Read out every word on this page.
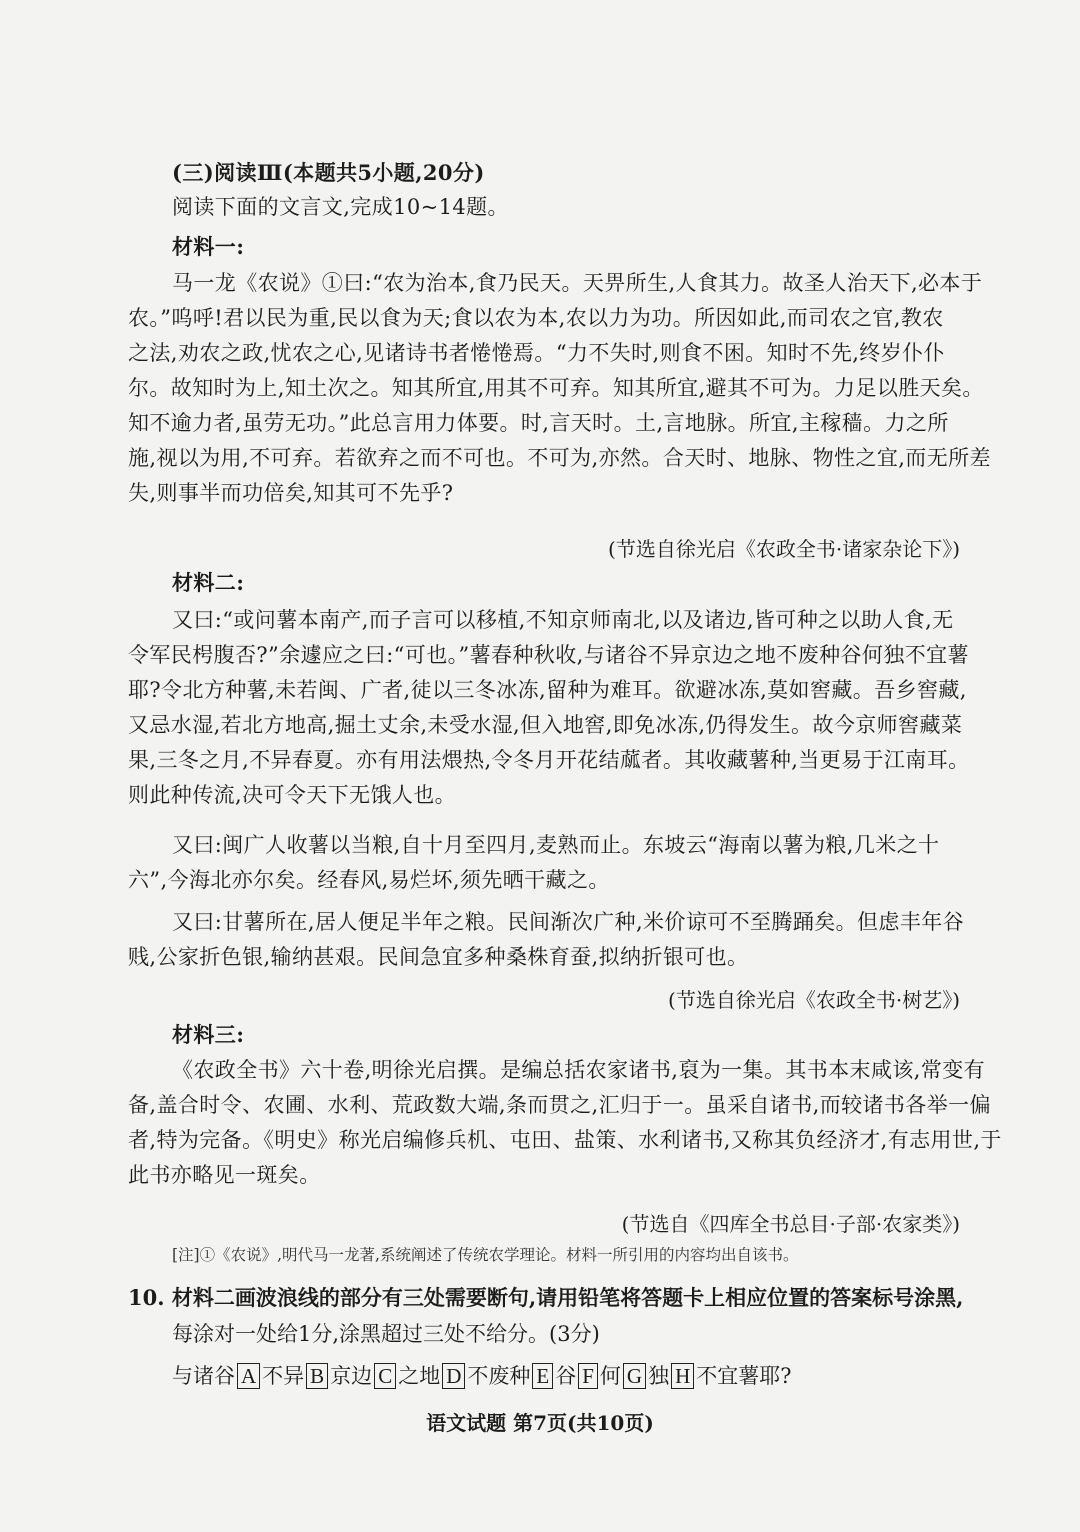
(三)阅读Ⅲ(本题共5小题,20分)
阅读下面的文言文,完成10~14题。
材料一:
马一龙《农说》①曰:“农为治本,食乃民天。天畀所生,人食其力。故圣人治天下,必本于
农。”呜呼!君以民为重,民以食为天;食以农为本,农以力为功。所因如此,而司农之官,教农
之法,劝农之政,忧农之心,见诸诗书者惓惓焉。“力不失时,则食不困。知时不先,终岁仆仆
尔。故知时为上,知土次之。知其所宜,用其不可弃。知其所宜,避其不可为。力足以胜天矣。
知不逾力者,虽劳无功。”此总言用力体要。时,言天时。土,言地脉。所宜,主稼穑。力之所
施,视以为用,不可弃。若欲弃之而不可也。不可为,亦然。合天时、地脉、物性之宜,而无所差
失,则事半而功倍矣,知其可不先乎?
(节选自徐光启《农政全书·诸家杂论下》)
材料二:
又曰:“或问薯本南产,而子言可以移植,不知京师南北,以及诸边,皆可种之以助人食,无
令军民枵腹否?”余遽应之曰:“可也。”薯春种秋收,与诸谷不异京边之地不废种谷何独不宜薯
耶?令北方种薯,未若闽、广者,徒以三冬冰冻,留种为难耳。欲避冰冻,莫如窖藏。吾乡窖藏,
又忌水湿,若北方地高,掘土丈余,未受水湿,但入地窖,即免冰冻,仍得发生。故今京师窖藏菜
果,三冬之月,不异春夏。亦有用法煨热,令冬月开花结蓏者。其收藏薯种,当更易于江南耳。
则此种传流,决可令天下无饿人也。
又曰:闽广人收薯以当粮,自十月至四月,麦熟而止。东坡云“海南以薯为粮,几米之十
六”,今海北亦尔矣。经春风,易烂坏,须先晒干藏之。
又曰:甘薯所在,居人便足半年之粮。民间渐次广种,米价谅可不至腾踊矣。但虑丰年谷
贱,公家折色银,输纳甚艰。民间急宜多种桑株育蚕,拟纳折银可也。
(节选自徐光启《农政全书·树艺》)
材料三:
《农政全书》六十卷,明徐光启撰。是编总括农家诸书,裒为一集。其书本末咸该,常变有
备,盖合时令、农圃、水利、荒政数大端,条而贯之,汇归于一。虽采自诸书,而较诸书各举一偏
者,特为完备。《明史》称光启编修兵机、屯田、盐策、水利诸书,又称其负经济才,有志用世,于
此书亦略见一斑矣。
(节选自《四库全书总目·子部·农家类》)
[注]①《农说》,明代马一龙著,系统阐述了传统农学理论。材料一所引用的内容均出自该书。
10. 材料二画波浪线的部分有三处需要断句,请用铅笔将答题卡上相应位置的答案标号涂黑,
每涂对一处给1分,涂黑超过三处不给分。(3分)
与诸谷 A 不异 B 京边 C 之地 D 不废种 E 谷 F 何 G 独 H 不宜薯耶?
语文试题 第7页(共10页)
